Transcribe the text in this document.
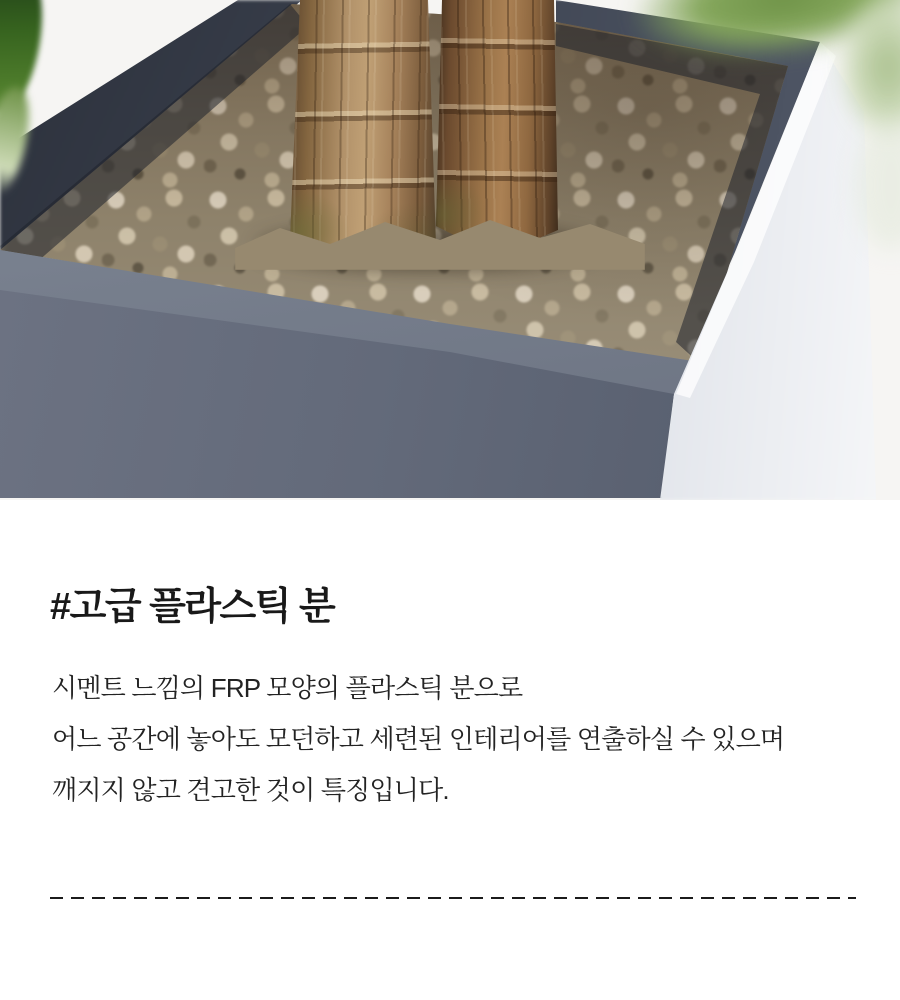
#고급 플라스틱 분

시멘트 느낌의 FRP 모양의 플라스틱 분으로

어느 공간에 놓아도 모던하고 세련된 인테리어를 연출하실 수 있으며

깨지지 않고 견고한 것이 특징입니다.
